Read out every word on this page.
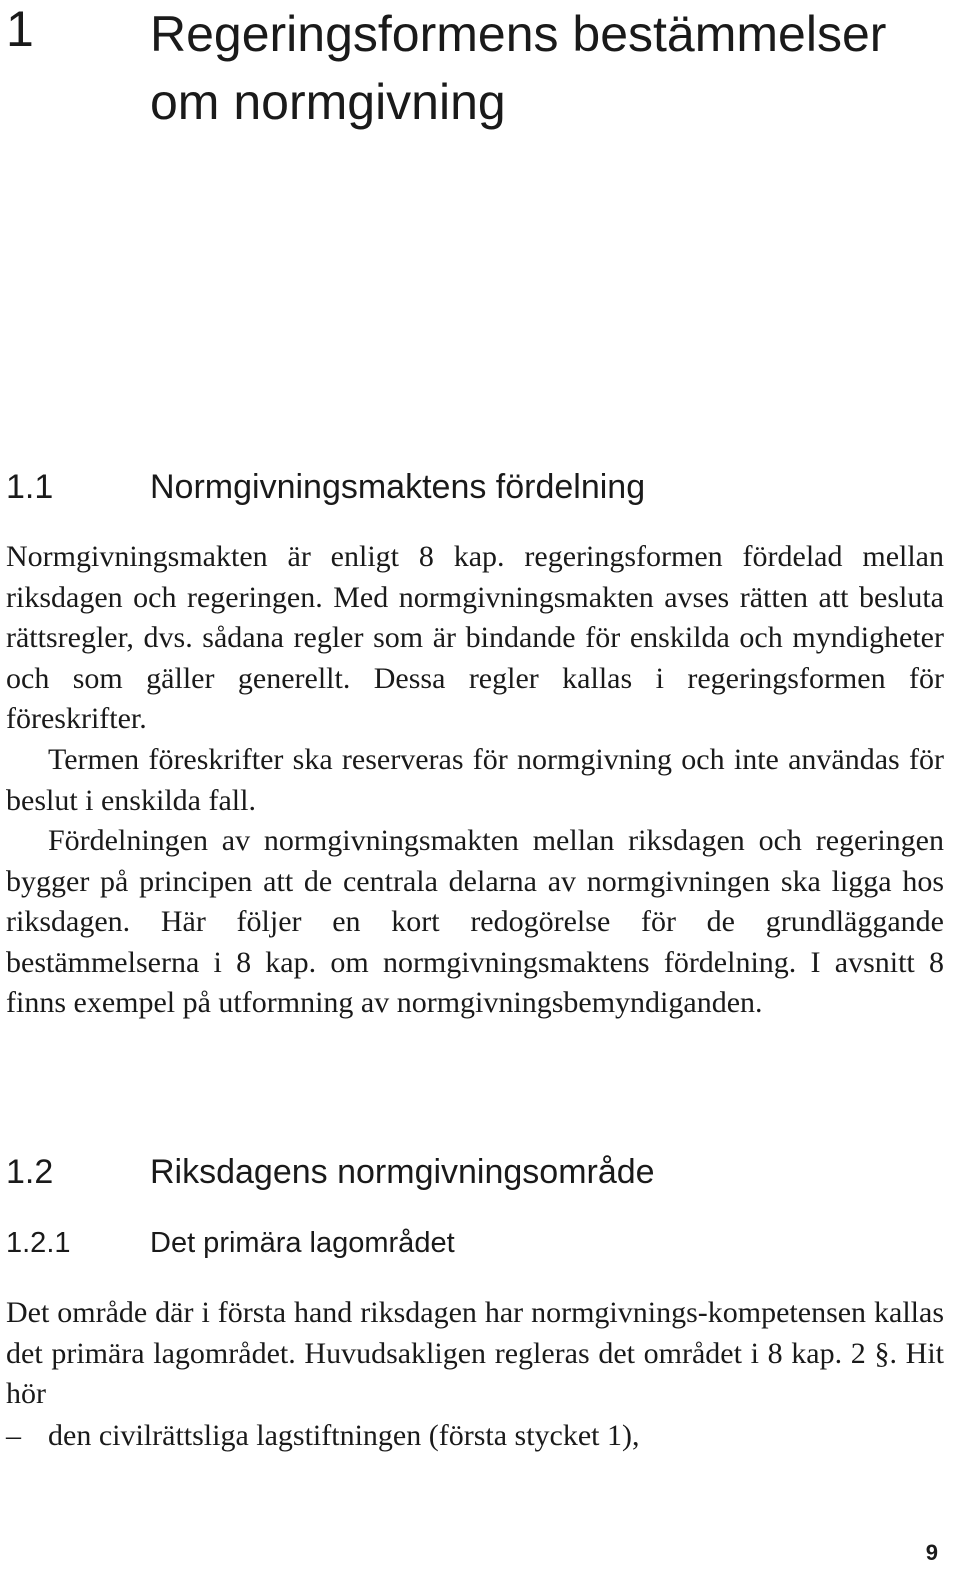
1 Regeringsformens bestämmelser om normgivning
1.1	Normgivningsmaktens fördelning

Normgivningsmakten är enligt 8 kap. regeringsformen fördelad mellan riksdagen och regeringen. Med normgivningsmakten avses rätten att besluta rättsregler, dvs. sådana regler som är bindande för enskilda och myndigheter och som gäller generellt. Dessa regler kallas i regeringsformen för föreskrifter.

Termen föreskrifter ska reserveras för normgivning och inte användas för beslut i enskilda fall.

Fördelningen av normgivningsmakten mellan riksdagen och regeringen bygger på principen att de centrala delarna av normgivningen ska ligga hos riksdagen. Här följer en kort redogörelse för de grundläggande bestämmelserna i 8 kap. om normgivningsmaktens fördelning. I avsnitt 8 finns exempel på utformning av normgivningsbemyndiganden.

1.2	Riksdagens normgivningsområde
1.2.1	Det primära lagområdet

Det område där i första hand riksdagen har normgivnings-kompetensen kallas det primära lagområdet. Huvudsakligen regleras det området i 8 kap. 2 §. Hit hör

– den civilrättsliga lagstiftningen (första stycket 1),
9
